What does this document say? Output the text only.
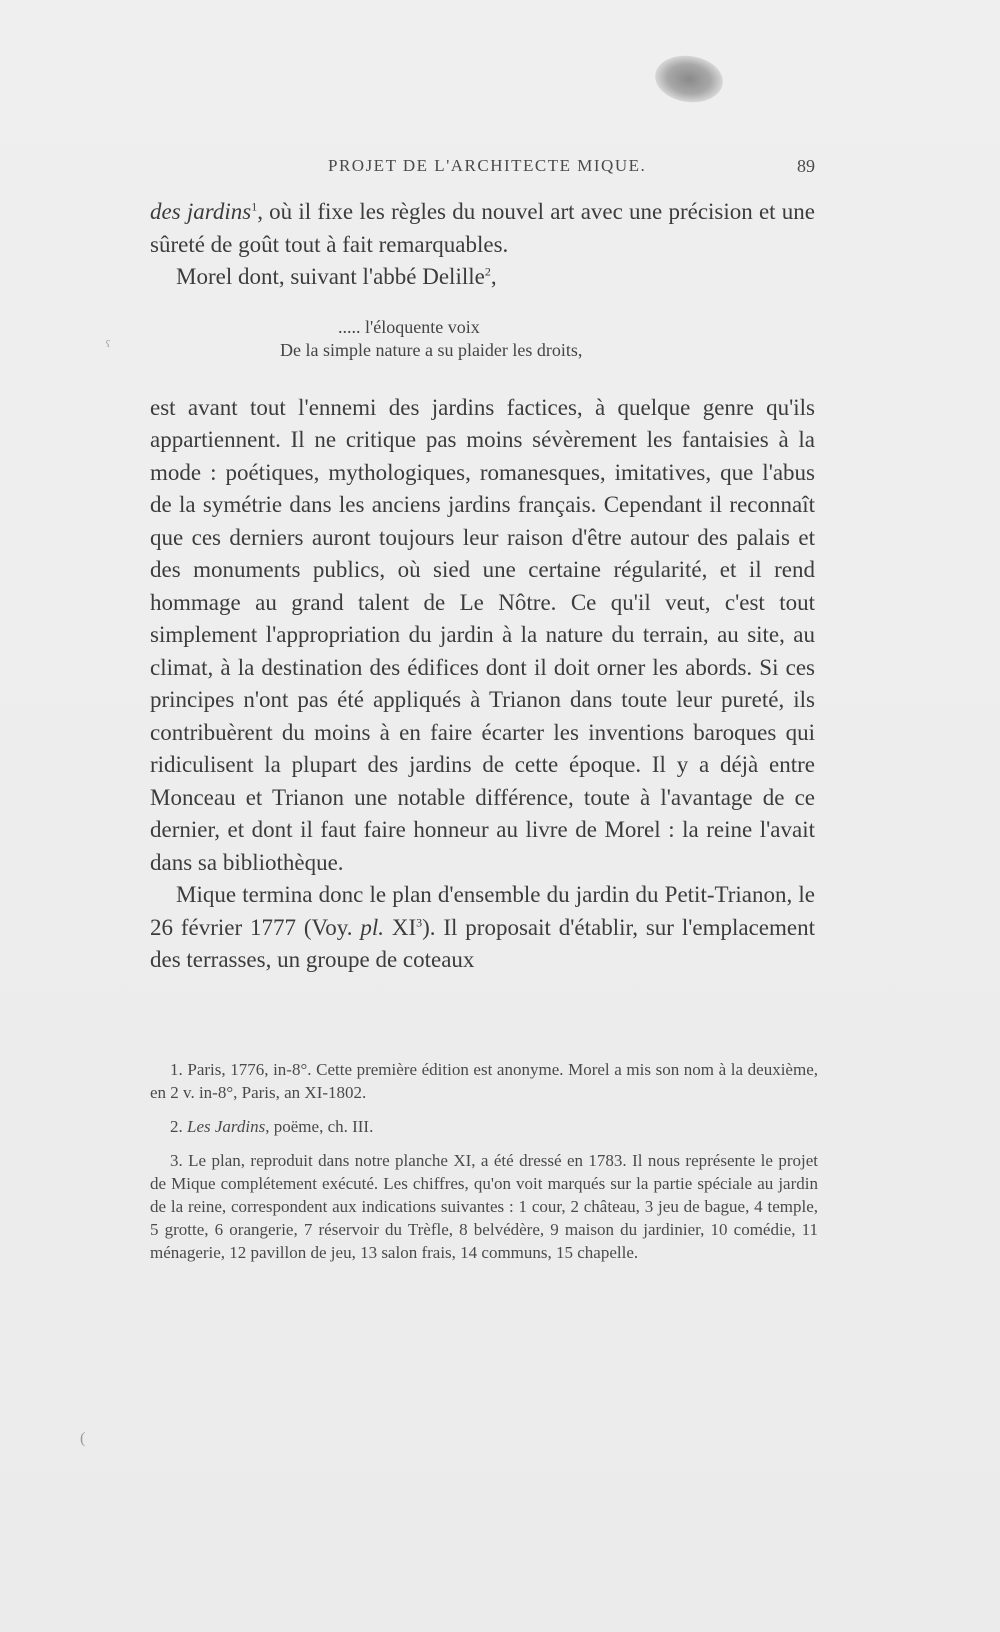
ˁ
(
PROJET DE L'ARCHITECTE MIQUE.	89

des jardins$^1$, où il fixe les règles du nouvel art avec une précision et une sûreté de goût tout à fait remarquables.

Morel dont, suivant l'abbé Delille$^2$,

..... l'éloquente voix
De la simple nature a su plaider les droits,

est avant tout l'ennemi des jardins factices, à quelque genre qu'ils appartiennent. Il ne critique pas moins sévèrement les fantaisies à la mode : poétiques, mythologiques, romanesques, imitatives, que l'abus de la symétrie dans les anciens jardins français. Cependant il reconnaît que ces derniers auront toujours leur raison d'être autour des palais et des monuments publics, où sied une certaine régularité, et il rend hommage au grand talent de Le Nôtre. Ce qu'il veut, c'est tout simplement l'appropriation du jardin à la nature du terrain, au site, au climat, à la destination des édifices dont il doit orner les abords. Si ces principes n'ont pas été appliqués à Trianon dans toute leur pureté, ils contribuèrent du moins à en faire écarter les inventions baroques qui ridiculisent la plupart des jardins de cette époque. Il y a déjà entre Monceau et Trianon une notable différence, toute à l'avantage de ce dernier, et dont il faut faire honneur au livre de Morel : la reine l'avait dans sa bibliothèque.

Mique termina donc le plan d'ensemble du jardin du Petit-Trianon, le 26 février 1777 (Voy. pl. $XI^3$). Il proposait d'établir, sur l'emplacement des terrasses, un groupe de coteaux

1. Paris, 1776, in-8°. Cette première édition est anonyme. Morel a mis son nom à la deuxième, en 2 v. in-8°, Paris, an XI-1802.

2. Les Jardins, poëme, ch. III.

3. Le plan, reproduit dans notre planche XI, a été dressé en 1783. Il nous représente le projet de Mique complétement exécuté. Les chiffres, qu'on voit marqués sur la partie spéciale au jardin de la reine, correspondent aux indications suivantes : 1 cour, 2 château, 3 jeu de bague, 4 temple, 5 grotte, 6 orangerie, 7 réservoir du Trèfle, 8 belvédère, 9 maison du jardinier, 10 comédie, 11 ménagerie, 12 pavillon de jeu, 13 salon frais, 14 communs, 15 chapelle.
